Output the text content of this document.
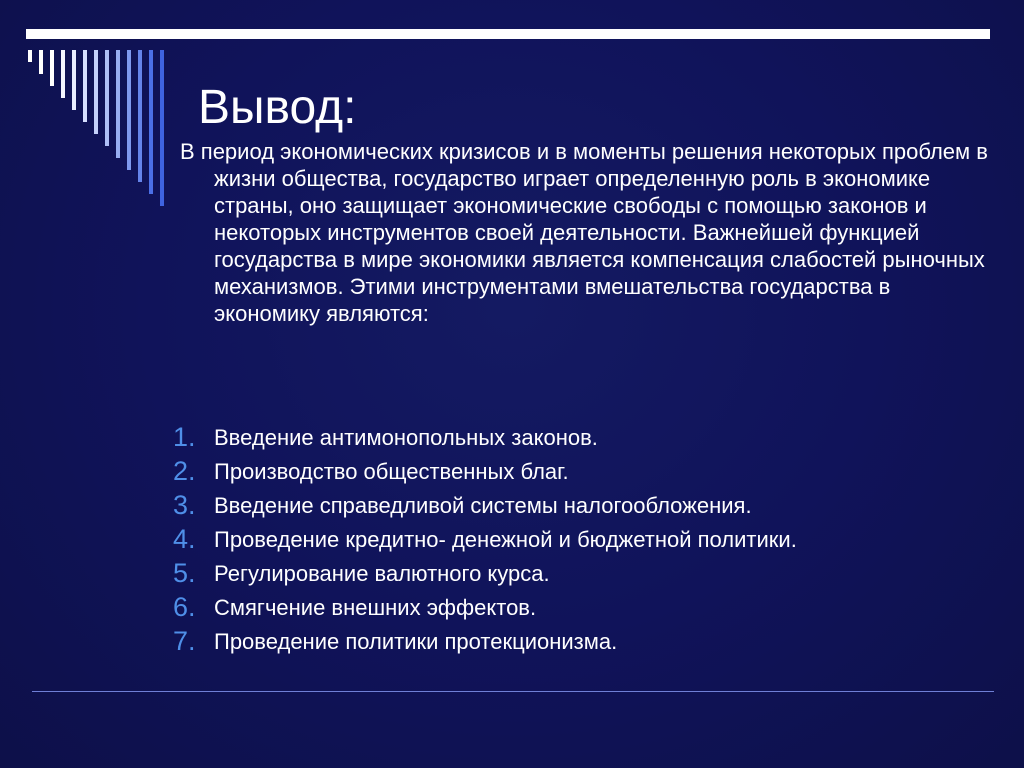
Вывод:

В период экономических кризисов и в моменты решения некоторых проблем в жизни общества, государство играет определенную роль в экономике страны, оно защищает экономические свободы с помощью законов и некоторых инструментов своей деятельности. Важнейшей функцией государства в мире экономики является компенсация слабостей рыночных механизмов. Этими инструментами вмешательства государства в экономику являются:

1. Введение антимонопольных законов.
2. Производство общественных благ.
3. Введение справедливой системы налогообложения.
4. Проведение кредитно- денежной и бюджетной политики.
5. Регулирование валютного курса.
6. Смягчение внешних эффектов.
7. Проведение политики протекционизма.
